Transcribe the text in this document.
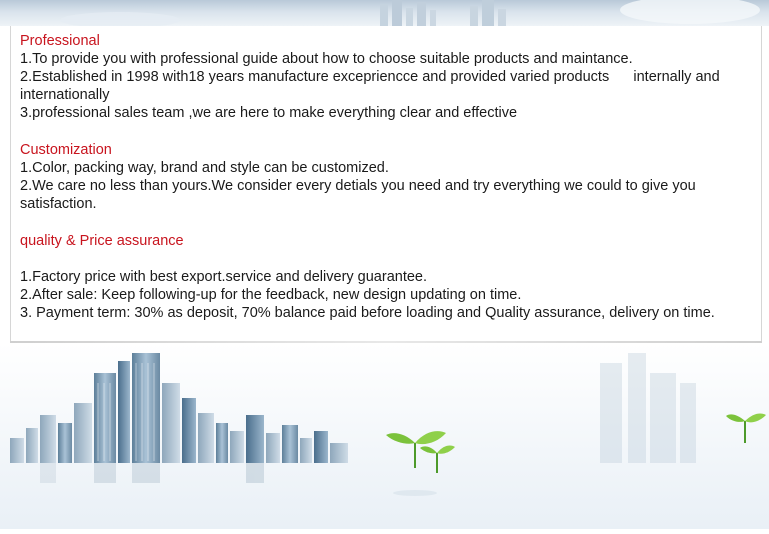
Professional
1.To provide you with professional guide about how to choose suitable products and maintance.
2.Established in 1998 with18 years manufacture excepriencce and provided varied products      internally and
internationally
3.professional sales team ,we are here to make everything clear and effective
Customization
1.Color, packing way, brand and style can be customized.
2.We care no less than yours.We consider every detials you need and try everything we could to give you
satisfaction.
quality & Price assurance
1.Factory price with best export.service and delivery guarantee.
2.After sale: Keep following-up for the feedback, new design updating on time.
3. Payment term: 30% as deposit, 70% balance paid before loading and Quality assurance, delivery on time.
